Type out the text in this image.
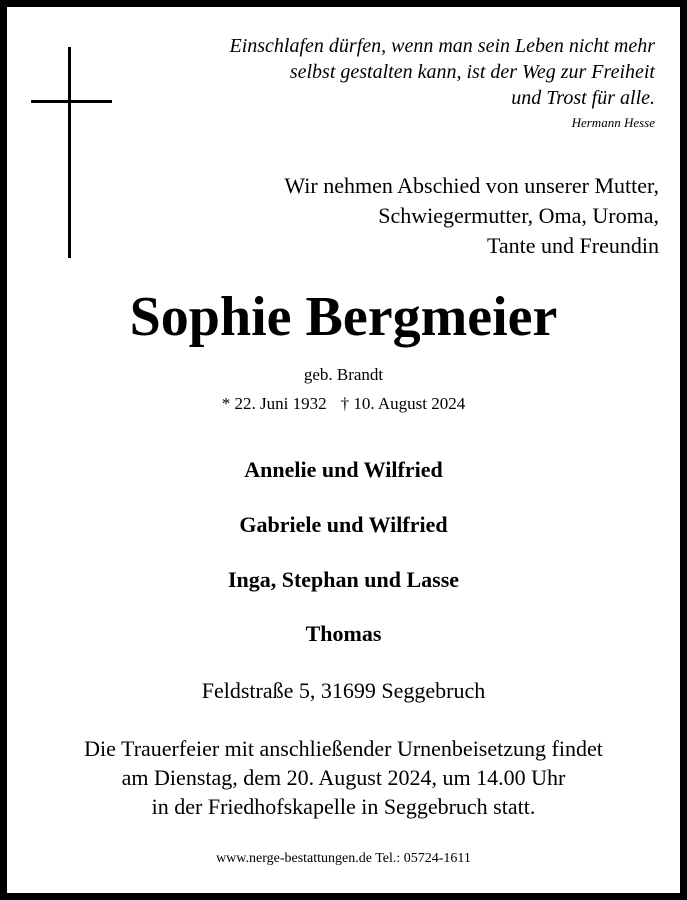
Einschlafen dürfen, wenn man sein Leben nicht mehr
selbst gestalten kann, ist der Weg zur Freiheit
und Trost für alle.
Hermann Hesse
Wir nehmen Abschied von unserer Mutter,
Schwiegermutter, Oma, Uroma,
Tante und Freundin
Sophie Bergmeier
geb. Brandt
* 22. Juni 1932 † 10. August 2024
Annelie und Wilfried
Gabriele und Wilfried
Inga, Stephan und Lasse
Thomas
Feldstraße 5, 31699 Seggebruch
Die Trauerfeier mit anschließender Urnenbeisetzung findet
am Dienstag, dem 20. August 2024, um 14.00 Uhr
in der Friedhofskapelle in Seggebruch statt.
www.nerge-bestattungen.de Tel.: 05724-1611
